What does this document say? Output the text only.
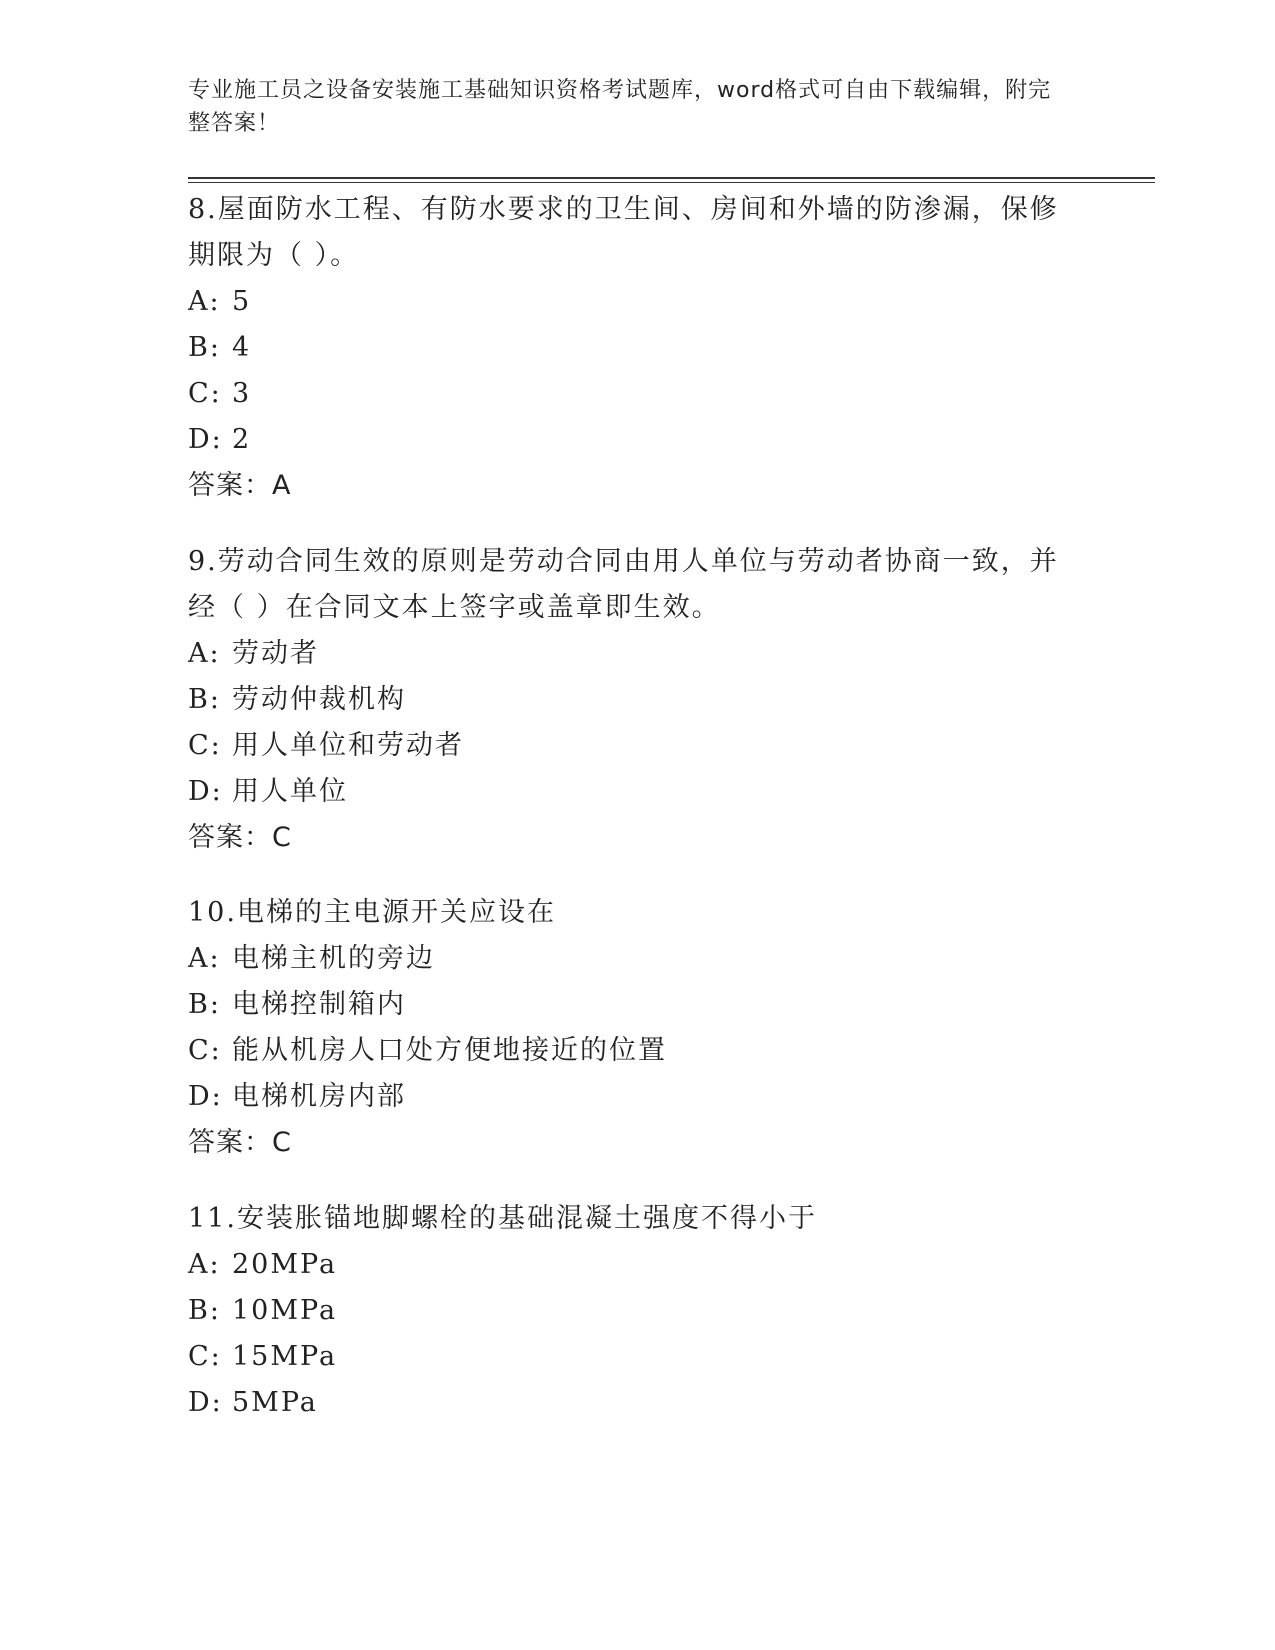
专业施工员之设备安装施工基础知识资格考试题库，word格式可自由下载编辑，附完整答案！

8.屋面防水工程、有防水要求的卫生间、房间和外墙的防渗漏，保修期限为（ ）。

A: 5

B: 4

C: 3

D: 2

答案：A

9.劳动合同生效的原则是劳动合同由用人单位与劳动者协商一致，并经（ ）在合同文本上签字或盖章即生效。

A: 劳动者

B: 劳动仲裁机构

C: 用人单位和劳动者

D: 用人单位

答案：C

10.电梯的主电源开关应设在

A: 电梯主机的旁边

B: 电梯控制箱内

C: 能从机房人口处方便地接近的位置

D: 电梯机房内部

答案：C

11.安装胀锚地脚螺栓的基础混凝土强度不得小于

A: 20MPa

B: 10MPa

C: 15MPa

D: 5MPa
